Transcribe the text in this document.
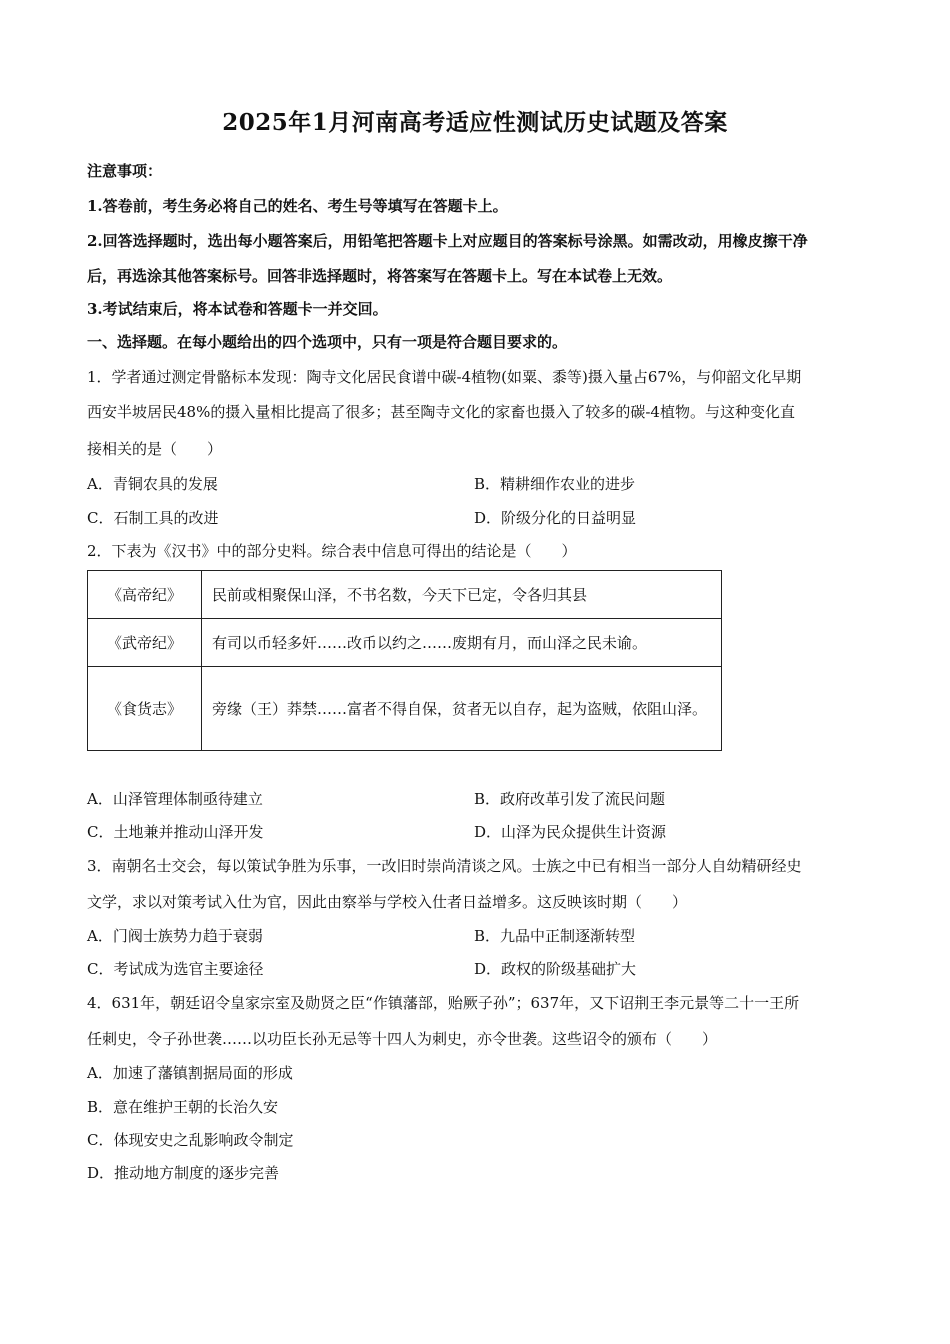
2025年1月河南高考适应性测试历史试题及答案
注意事项：
1.答卷前，考生务必将自己的姓名、考生号等填写在答题卡上。
2.回答选择题时，选出每小题答案后，用铅笔把答题卡上对应题目的答案标号涂黑。如需改动，用橡皮擦干净
后，再选涂其他答案标号。回答非选择题时，将答案写在答题卡上。写在本试卷上无效。
3.考试结束后，将本试卷和答题卡一并交回。
一、选择题。在每小题给出的四个选项中，只有一项是符合题目要求的。
1．学者通过测定骨骼标本发现：陶寺文化居民食谱中碳-4植物(如粟、黍等)摄入量占67%，与仰韶文化早期
西安半坡居民48%的摄入量相比提高了很多；甚至陶寺文化的家畜也摄入了较多的碳-4植物。与这种变化直
接相关的是（　　）
A．青铜农具的发展	B．精耕细作农业的进步
C．石制工具的改进	D．阶级分化的日益明显
2．下表为《汉书》中的部分史料。综合表中信息可得出的结论是（　　）
《高帝纪》	民前或相聚保山泽，不书名数，今天下已定，令各归其县
《武帝纪》	有司以币轻多奸……改币以约之……废期有月，而山泽之民未谕。
《食货志》	旁缘（王）莽禁……富者不得自保，贫者无以自存，起为盗贼，依阻山泽。
A．山泽管理体制亟待建立	B．政府改革引发了流民问题
C．土地兼并推动山泽开发	D．山泽为民众提供生计资源
3．南朝名士交会，每以策试争胜为乐事，一改旧时崇尚清谈之风。士族之中已有相当一部分人自幼精研经史
文学，求以对策考试入仕为官，因此由察举与学校入仕者日益增多。这反映该时期（　　）
A．门阀士族势力趋于衰弱	B．九品中正制逐渐转型
C．考试成为选官主要途径	D．政权的阶级基础扩大
4．631年，朝廷诏令皇家宗室及勋贤之臣“作镇藩部，贻厥子孙”；637年，又下诏荆王李元景等二十一王所
任刺史，令子孙世袭……以功臣长孙无忌等十四人为刺史，亦令世袭。这些诏令的颁布（　　）
A．加速了藩镇割据局面的形成
B．意在维护王朝的长治久安
C．体现安史之乱影响政令制定
D．推动地方制度的逐步完善
